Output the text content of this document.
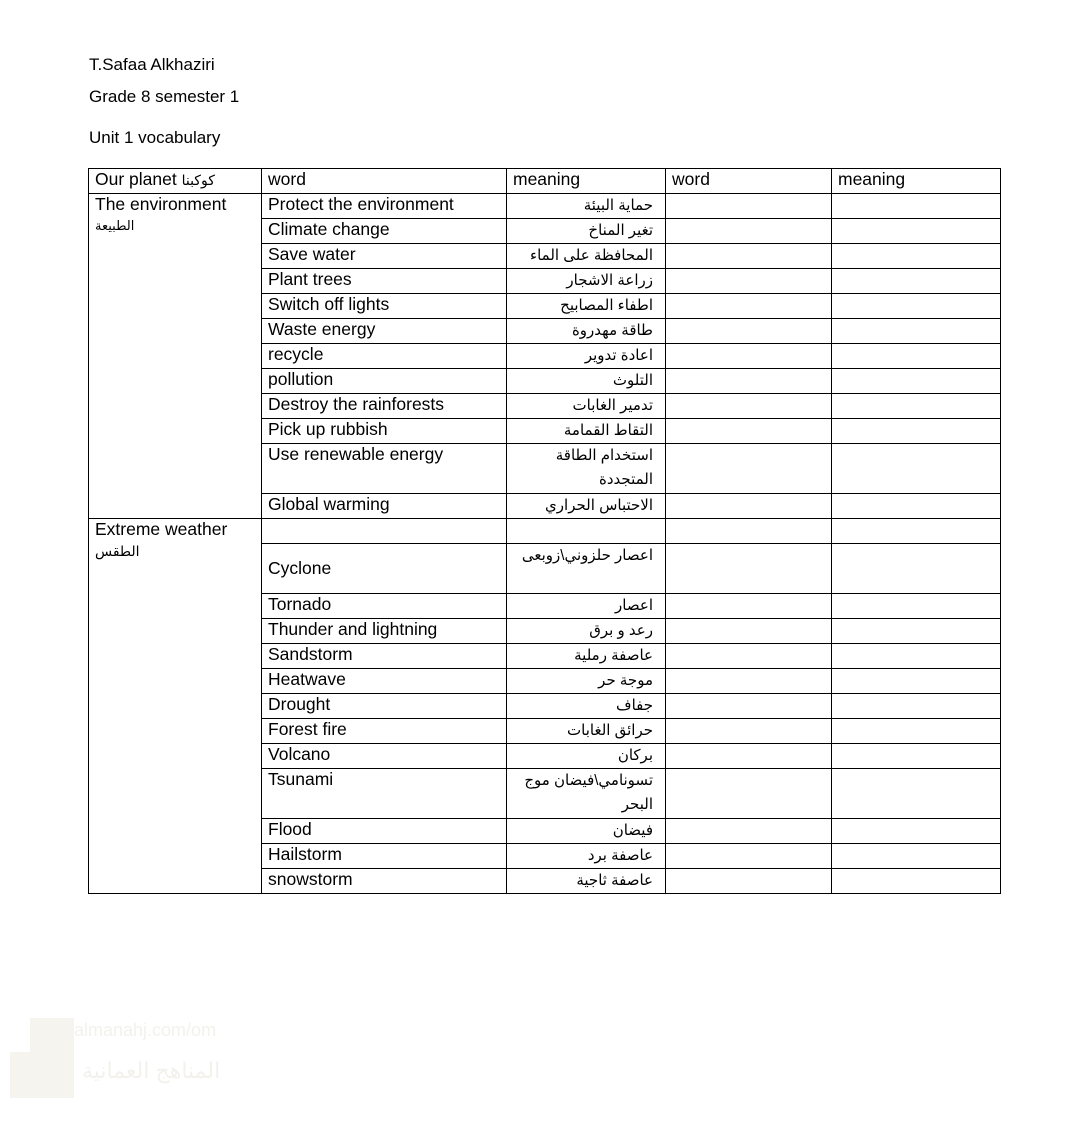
T.Safaa Alkhaziri
Grade 8 semester 1
Unit 1 vocabulary
Our planet كوكبنا	word	meaning	word	meaning
The environment
الطبيعة	Protect the environment	حماية البيئة		
	Climate change	تغير المناخ		
	Save water	المحافظة على الماء		
	Plant trees	زراعة الاشجار		
	Switch off lights	اطفاء المصابيح		
	Waste energy	طاقة مهدروة		
	recycle	اعادة تدوير		
	pollution	التلوث		
	Destroy the rainforests	تدمير الغابات		
	Pick up rubbish	التقاط القمامة		
	Use renewable energy	استخدام الطاقة المتجددة		
	Global warming	الاحتباس الحراري		
Extreme weather الطقس				
	Cyclone	اعصار حلزوني\زوبعى		
	Tornado	اعصار		
	Thunder and lightning	رعد و برق		
	Sandstorm	عاصفة رملية		
	Heatwave	موجة حر		
	Drought	جفاف		
	Forest fire	حرائق الغابات		
	Volcano	بركان		
	Tsunami	تسونامي\فيضان موج البحر		
	Flood	فيضان		
	Hailstorm	عاصفة برد		
	snowstorm	عاصفة ثاجية		
almanahj.com/om
المناهج العمانية
